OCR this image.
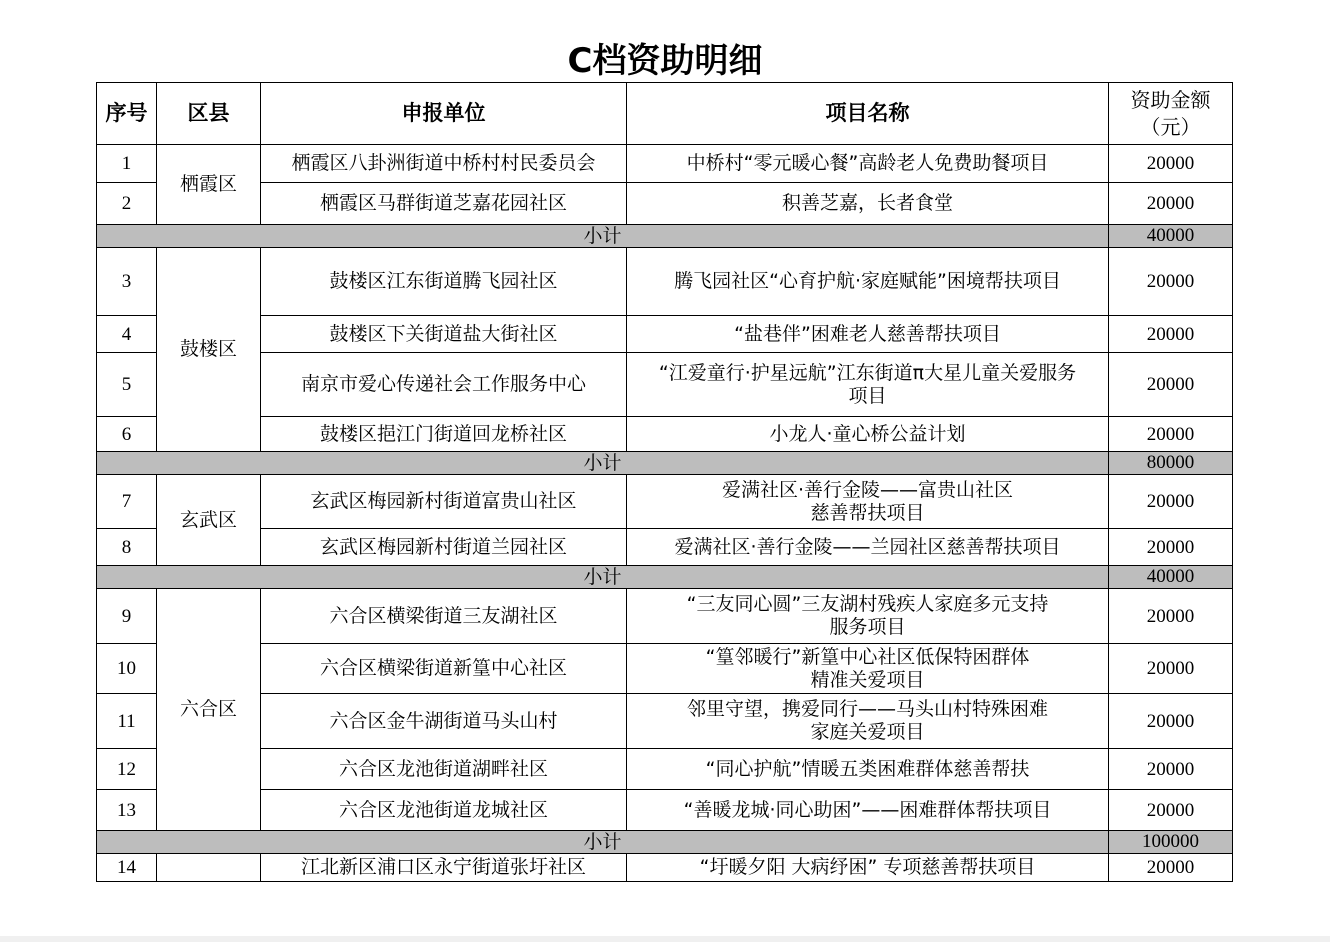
C档资助明细
序号	区县	申报单位	项目名称	资助金额
（元）

1	栖霞区	栖霞区八卦洲街道中桥村村民委员会	中桥村“零元暖心餐”高龄老人免费助餐项目	20000
2		栖霞区马群街道芝嘉花园社区	积善芝嘉，长者食堂	20000
小计				40000
3	鼓楼区	鼓楼区江东街道腾飞园社区	腾飞园社区“心育护航·家庭赋能”困境帮扶项目	20000
4		鼓楼区下关街道盐大街社区	“盐巷伴”困难老人慈善帮扶项目	20000
5		南京市爱心传递社会工作服务中心	“江爱童行·护星远航”江东街道π大星儿童关爱服务
项目	20000
6		鼓楼区挹江门街道回龙桥社区	小龙人·童心桥公益计划	20000
小计				80000
7	玄武区	玄武区梅园新村街道富贵山社区	爱满社区·善行金陵——富贵山社区
慈善帮扶项目	20000
8		玄武区梅园新村街道兰园社区	爱满社区·善行金陵——兰园社区慈善帮扶项目	20000
小计				40000
9	六合区	六合区横梁街道三友湖社区	“三友同心圆”三友湖村残疾人家庭多元支持
服务项目	20000
10		六合区横梁街道新篁中心社区	“篁邻暖行”新篁中心社区低保特困群体
精准关爱项目	20000
11		六合区金牛湖街道马头山村	邻里守望，携爱同行——马头山村特殊困难
家庭关爱项目	20000
12		六合区龙池街道湖畔社区	“同心护航”情暖五类困难群体慈善帮扶	20000
13		六合区龙池街道龙城社区	“善暖龙城·同心助困”——困难群体帮扶项目	20000
小计				100000
14		江北新区浦口区永宁街道张圩社区	“圩暖夕阳 大病纾困” 专项慈善帮扶项目	20000
